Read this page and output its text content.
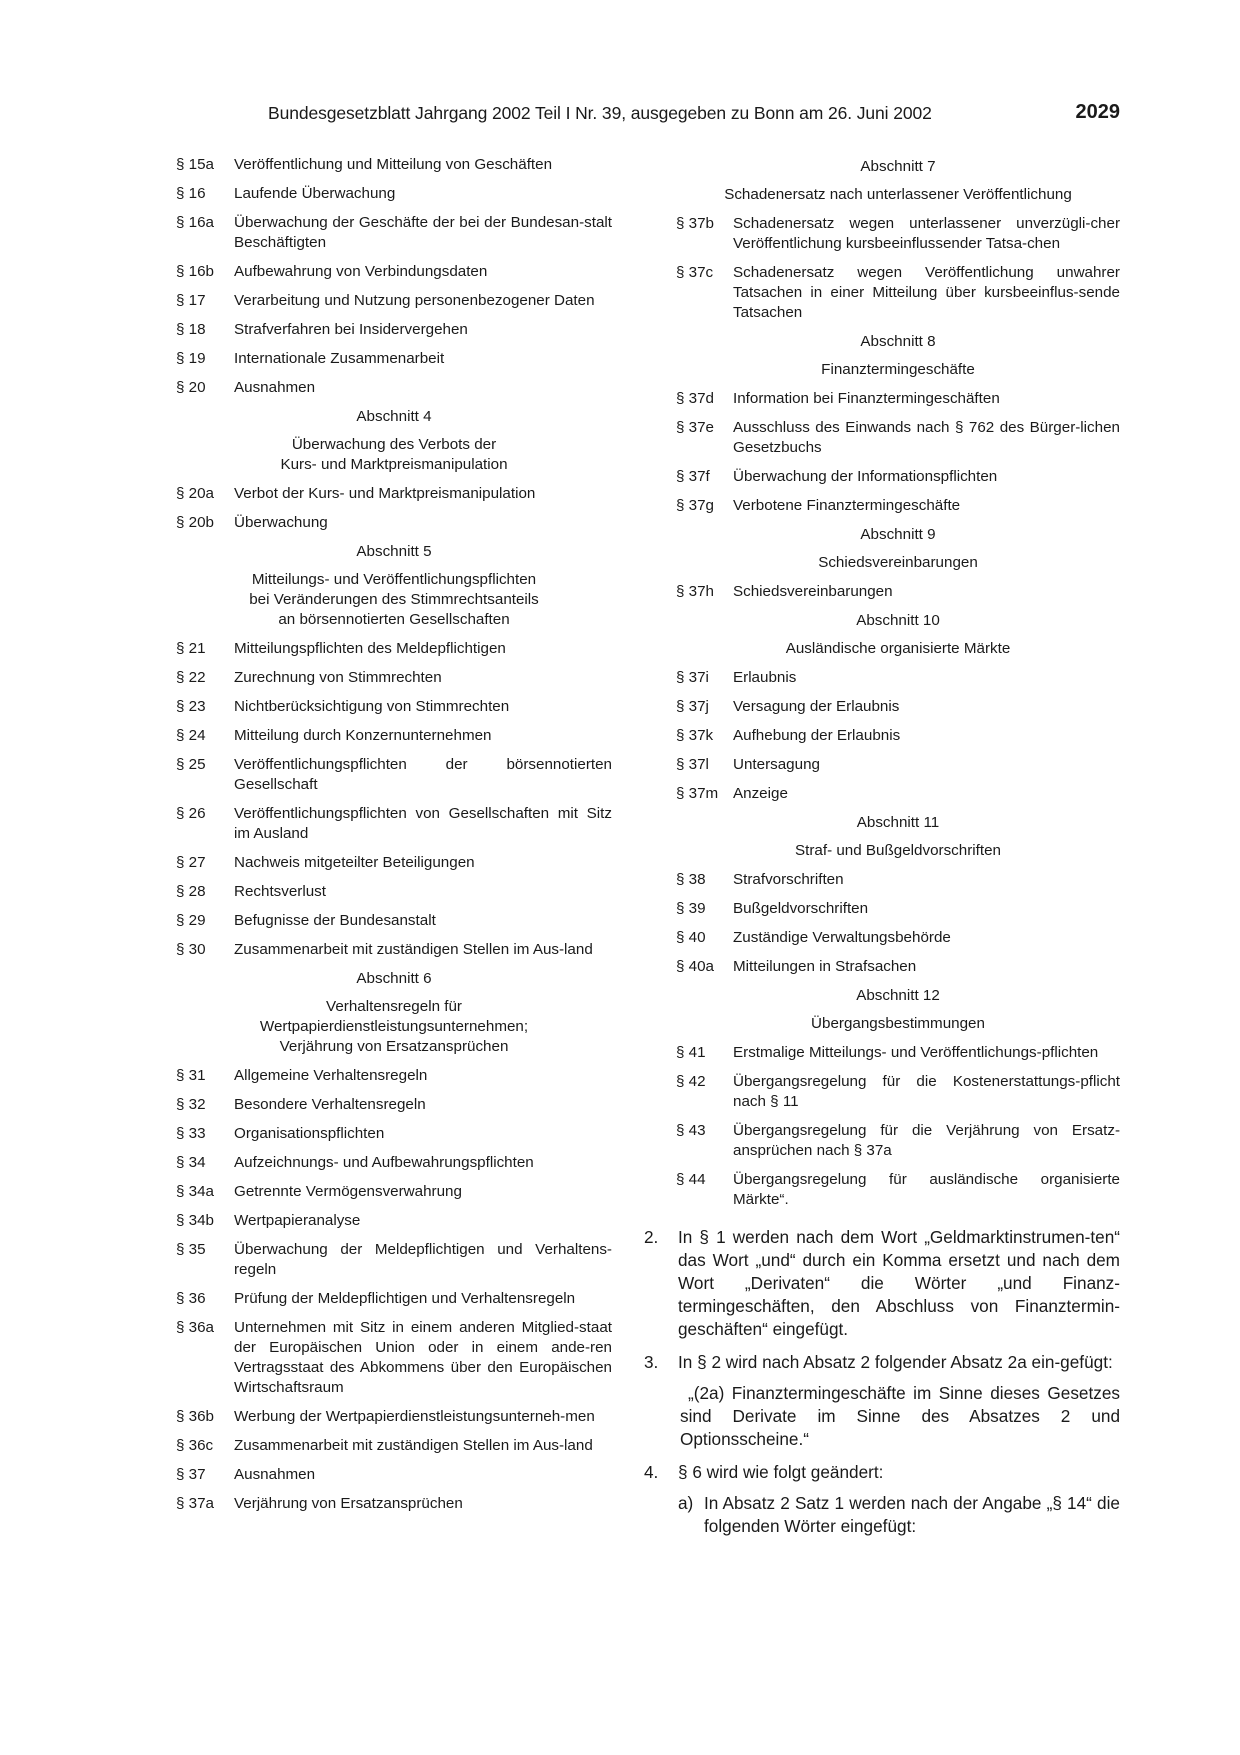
Bundesgesetzblatt Jahrgang 2002 Teil I Nr. 39, ausgegeben zu Bonn am 26. Juni 2002	2029
§ 15a	Veröffentlichung und Mitteilung von Geschäften
§ 16	Laufende Überwachung
§ 16a	Überwachung der Geschäfte der bei der Bundesan-stalt Beschäftigten
§ 16b	Aufbewahrung von Verbindungsdaten
§ 17	Verarbeitung und Nutzung personenbezogener Daten
§ 18	Strafverfahren bei Insidervergehen
§ 19	Internationale Zusammenarbeit
§ 20	Ausnahmen
Abschnitt 4
Überwachung des Verbots der
Kurs- und Marktpreismanipulation
§ 20a	Verbot der Kurs- und Marktpreismanipulation
§ 20b	Überwachung
Abschnitt 5
Mitteilungs- und Veröffentlichungspflichten
bei Veränderungen des Stimmrechtsanteils
an börsennotierten Gesellschaften
§ 21	Mitteilungspflichten des Meldepflichtigen
§ 22	Zurechnung von Stimmrechten
§ 23	Nichtberücksichtigung von Stimmrechten
§ 24	Mitteilung durch Konzernunternehmen
§ 25	Veröffentlichungspflichten der börsennotierten Gesellschaft
§ 26	Veröffentlichungspflichten von Gesellschaften mit Sitz im Ausland
§ 27	Nachweis mitgeteilter Beteiligungen
§ 28	Rechtsverlust
§ 29	Befugnisse der Bundesanstalt
§ 30	Zusammenarbeit mit zuständigen Stellen im Aus-land
Abschnitt 6
Verhaltensregeln für
Wertpapierdienstleistungsunternehmen;
Verjährung von Ersatzansprüchen
§ 31	Allgemeine Verhaltensregeln
§ 32	Besondere Verhaltensregeln
§ 33	Organisationspflichten
§ 34	Aufzeichnungs- und Aufbewahrungspflichten
§ 34a	Getrennte Vermögensverwahrung
§ 34b	Wertpapieranalyse
§ 35	Überwachung der Meldepflichtigen und Verhaltens-regeln
§ 36	Prüfung der Meldepflichtigen und Verhaltensregeln
§ 36a	Unternehmen mit Sitz in einem anderen Mitglied-staat der Europäischen Union oder in einem ande-ren Vertragsstaat des Abkommens über den Europäischen Wirtschaftsraum
§ 36b	Werbung der Wertpapierdienstleistungsunterneh-men
§ 36c	Zusammenarbeit mit zuständigen Stellen im Aus-land
§ 37	Ausnahmen
§ 37a	Verjährung von Ersatzansprüchen
Abschnitt 7
Schadenersatz nach unterlassener Veröffentlichung
§ 37b	Schadenersatz wegen unterlassener unverzügli-cher Veröffentlichung kursbeeinflussender Tatsa-chen
§ 37c	Schadenersatz wegen Veröffentlichung unwahrer Tatsachen in einer Mitteilung über kursbeeinflus-sende Tatsachen
Abschnitt 8
Finanztermingeschäfte
§ 37d	Information bei Finanztermingeschäften
§ 37e	Ausschluss des Einwands nach § 762 des Bürger-lichen Gesetzbuchs
§ 37f	Überwachung der Informationspflichten
§ 37g	Verbotene Finanztermingeschäfte
Abschnitt 9
Schiedsvereinbarungen
§ 37h	Schiedsvereinbarungen
Abschnitt 10
Ausländische organisierte Märkte
§ 37i	Erlaubnis
§ 37j	Versagung der Erlaubnis
§ 37k	Aufhebung der Erlaubnis
§ 37l	Untersagung
§ 37m Anzeige
Abschnitt 11
Straf- und Bußgeldvorschriften
§ 38	Strafvorschriften
§ 39	Bußgeldvorschriften
§ 40	Zuständige Verwaltungsbehörde
§ 40a	Mitteilungen in Strafsachen
Abschnitt 12
Übergangsbestimmungen
§ 41	Erstmalige Mitteilungs- und Veröffentlichungs-pflichten
§ 42	Übergangsregelung für die Kostenerstattungs-pflicht nach § 11
§ 43	Übergangsregelung für die Verjährung von Ersatz-ansprüchen nach § 37a
§ 44	Übergangsregelung für ausländische organisierte Märkte“.
2.	In § 1 werden nach dem Wort „Geldmarktinstrumen-ten“ das Wort „und“ durch ein Komma ersetzt und nach dem Wort „Derivaten“ die Wörter „und Finanz-termingeschäften, den Abschluss von Finanztermin-geschäften“ eingefügt.
3.	In § 2 wird nach Absatz 2 folgender Absatz 2a ein-gefügt:
„(2a) Finanztermingeschäfte im Sinne dieses Gesetzes sind Derivate im Sinne des Absatzes 2 und Optionsscheine.“
4.	§ 6 wird wie folgt geändert:
a) In Absatz 2 Satz 1 werden nach der Angabe „§ 14“ die folgenden Wörter eingefügt:
